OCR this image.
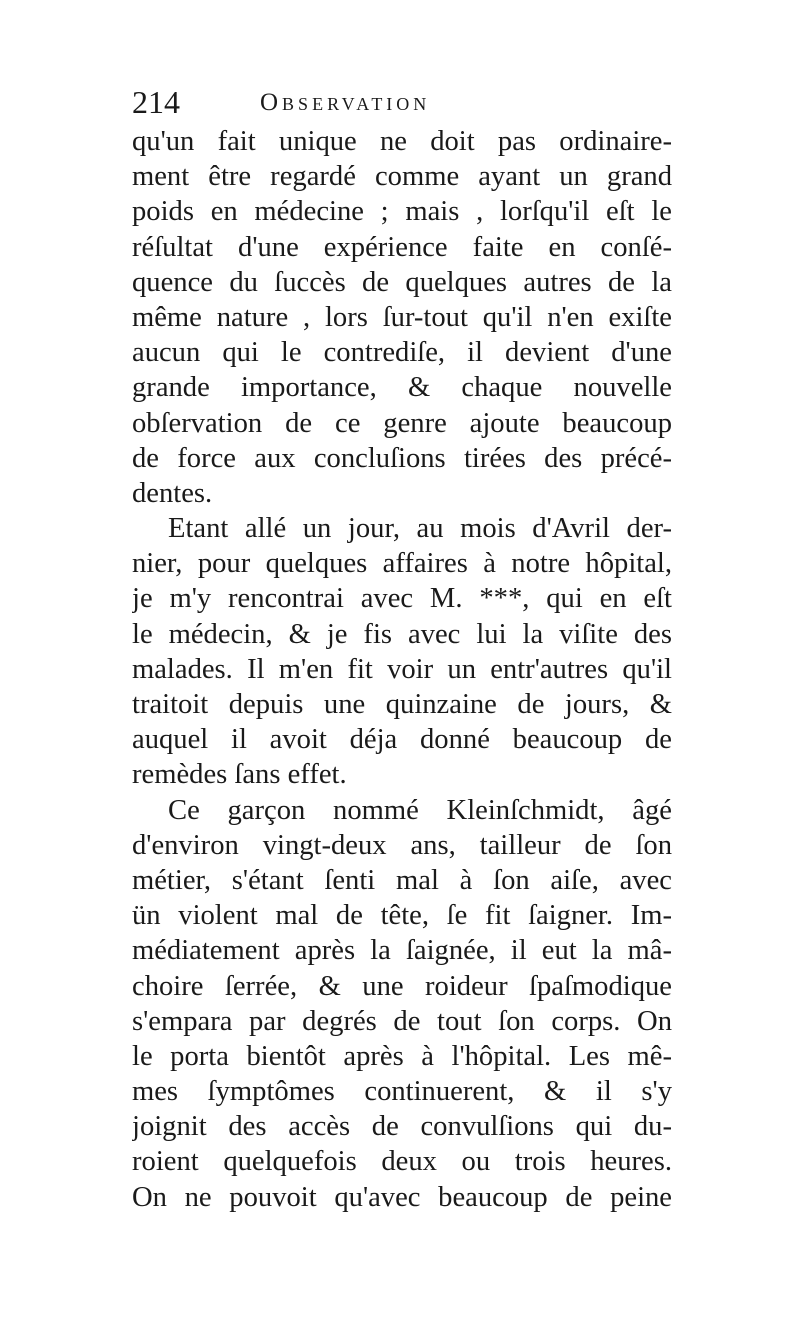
214	Observation
qu'un fait unique ne doit pas ordinaire-
ment être regardé comme ayant un grand
poids en médecine ; mais , lorſqu'il eſt le
réſultat d'une expérience faite en conſé-
quence du ſuccès de quelques autres de la
même nature , lors ſur-tout qu'il n'en exiſte
aucun qui le contrediſe, il devient d'une
grande importance, & chaque nouvelle
obſervation de ce genre ajoute beaucoup
de force aux concluſions tirées des précé-
dentes.
Etant allé un jour, au mois d'Avril der-
nier, pour quelques affaires à notre hôpital,
je m'y rencontrai avec M. ***, qui en eſt
le médecin, & je fis avec lui la viſite des
malades. Il m'en fit voir un entr'autres qu'il
traitoit depuis une quinzaine de jours, &
auquel il avoit déja donné beaucoup de
remèdes ſans effet.
Ce garçon nommé Kleinſchmidt, âgé
d'environ vingt-deux ans, tailleur de ſon
métier, s'étant ſenti mal à ſon aiſe, avec
ün violent mal de tête, ſe fit ſaigner. Im-
médiatement après la ſaignée, il eut la mâ-
choire ſerrée, & une roideur ſpaſmodique
s'empara par degrés de tout ſon corps. On
le porta bientôt après à l'hôpital. Les mê-
mes ſymptômes continuerent, & il s'y
joignit des accès de convulſions qui du-
roient quelquefois deux ou trois heures.
On ne pouvoit qu'avec beaucoup de peine
